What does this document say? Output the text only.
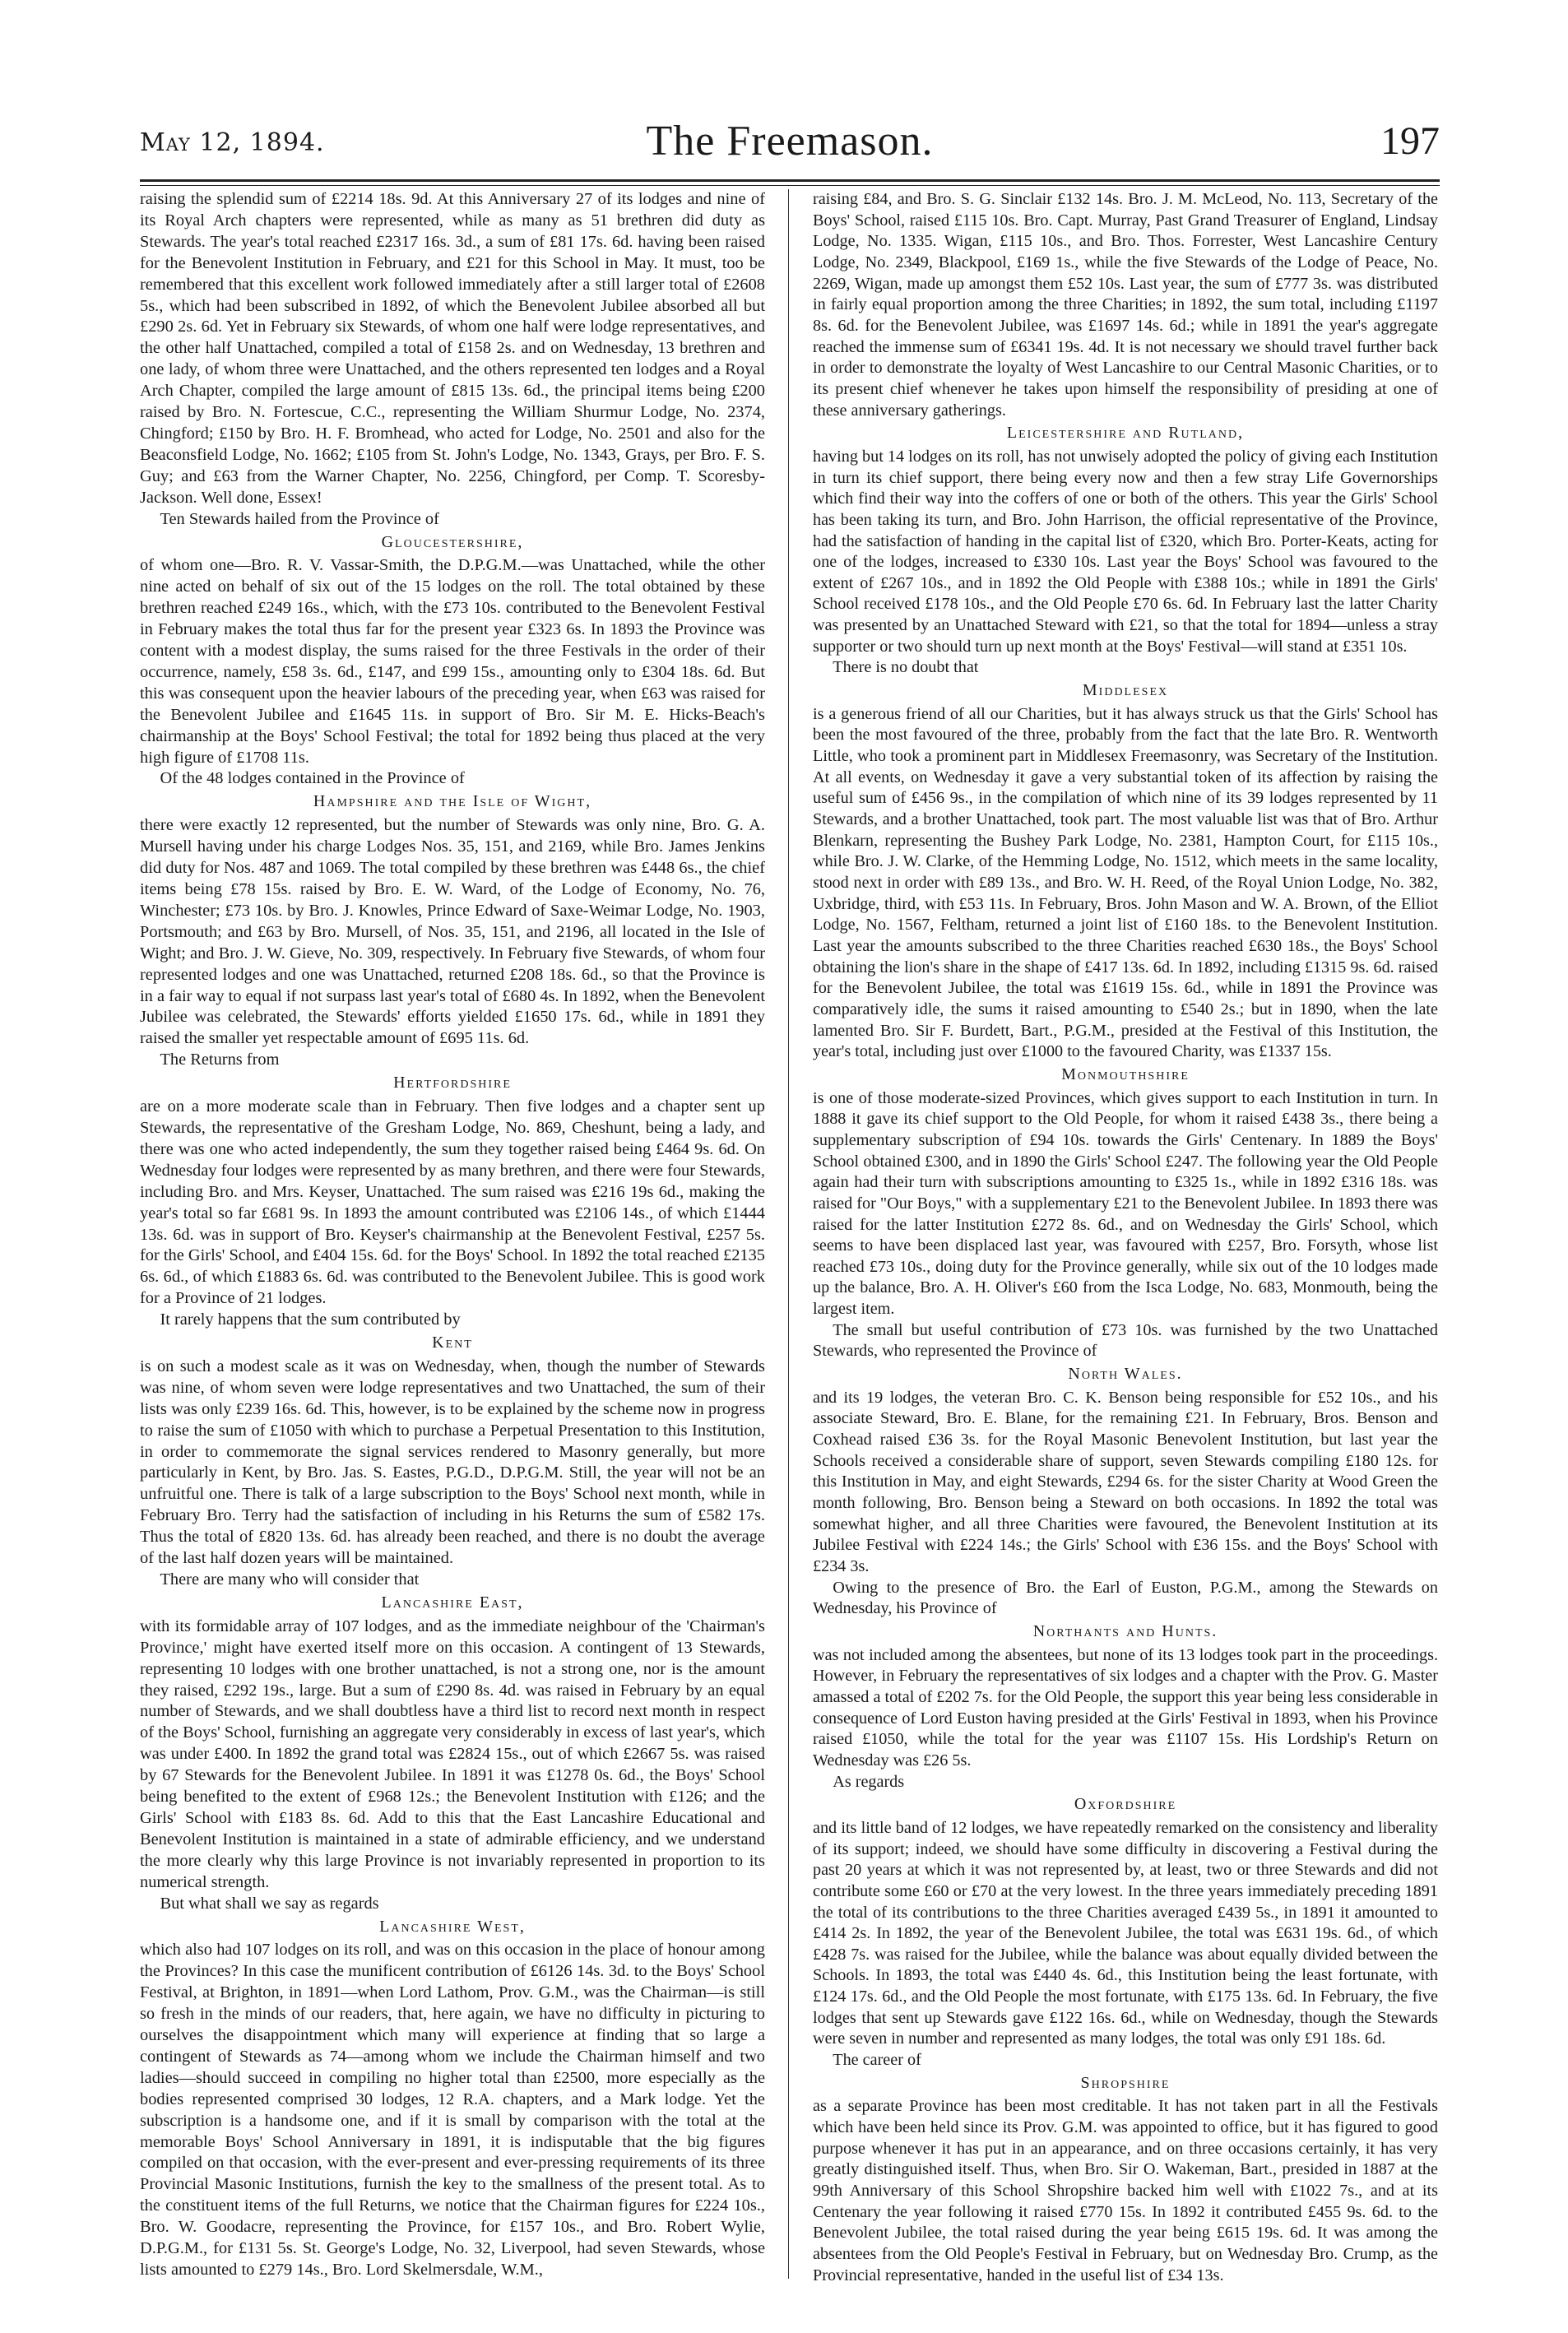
May 12, 1894.	The Freemason.	197

raising the splendid sum of £2214 18s. 9d. At this Anniversary 27 of its lodges and nine of its Royal Arch chapters were represented, while as many as 51 brethren did duty as Stewards. The year's total reached £2317 16s. 3d., a sum of £81 17s. 6d. having been raised for the Benevolent Institution in February, and £21 for this School in May. It must, too be remembered that this excellent work followed immediately after a still larger total of £2608 5s., which had been subscribed in 1892, of which the Benevolent Jubilee absorbed all but £290 2s. 6d. Yet in February six Stewards, of whom one half were lodge representatives, and the other half Unattached, compiled a total of £158 2s. and on Wednesday, 13 brethren and one lady, of whom three were Unattached, and the others represented ten lodges and a Royal Arch Chapter, compiled the large amount of £815 13s. 6d., the principal items being £200 raised by Bro. N. Fortescue, C.C., representing the William Shurmur Lodge, No. 2374, Chingford; £150 by Bro. H. F. Bromhead, who acted for Lodge, No. 2501 and also for the Beaconsfield Lodge, No. 1662; £105 from St. John's Lodge, No. 1343, Grays, per Bro. F. S. Guy; and £63 from the Warner Chapter, No. 2256, Chingford, per Comp. T. Scoresby-Jackson. Well done, Essex!

Ten Stewards hailed from the Province of

Gloucestershire,

of whom one—Bro. R. V. Vassar-Smith, the D.P.G.M.—was Unattached, while the other nine acted on behalf of six out of the 15 lodges on the roll. The total obtained by these brethren reached £249 16s., which, with the £73 10s. contributed to the Benevolent Festival in February makes the total thus far for the present year £323 6s. In 1893 the Province was content with a modest display, the sums raised for the three Festivals in the order of their occurrence, namely, £58 3s. 6d., £147, and £99 15s., amounting only to £304 18s. 6d. But this was consequent upon the heavier labours of the preceding year, when £63 was raised for the Benevolent Jubilee and £1645 11s. in support of Bro. Sir M. E. Hicks-Beach's chairmanship at the Boys' School Festival; the total for 1892 being thus placed at the very high figure of £1708 11s.

Of the 48 lodges contained in the Province of

Hampshire and the Isle of Wight,

there were exactly 12 represented, but the number of Stewards was only nine, Bro. G. A. Mursell having under his charge Lodges Nos. 35, 151, and 2169, while Bro. James Jenkins did duty for Nos. 487 and 1069. The total compiled by these brethren was £448 6s., the chief items being £78 15s. raised by Bro. E. W. Ward, of the Lodge of Economy, No. 76, Winchester; £73 10s. by Bro. J. Knowles, Prince Edward of Saxe-Weimar Lodge, No. 1903, Portsmouth; and £63 by Bro. Mursell, of Nos. 35, 151, and 2196, all located in the Isle of Wight; and Bro. J. W. Gieve, No. 309, respectively. In February five Stewards, of whom four represented lodges and one was Unattached, returned £208 18s. 6d., so that the Province is in a fair way to equal if not surpass last year's total of £680 4s. In 1892, when the Benevolent Jubilee was celebrated, the Stewards' efforts yielded £1650 17s. 6d., while in 1891 they raised the smaller yet respectable amount of £695 11s. 6d.

The Returns from

Hertfordshire

are on a more moderate scale than in February. Then five lodges and a chapter sent up Stewards, the representative of the Gresham Lodge, No. 869, Cheshunt, being a lady, and there was one who acted independently, the sum they together raised being £464 9s. 6d. On Wednesday four lodges were represented by as many brethren, and there were four Stewards, including Bro. and Mrs. Keyser, Unattached. The sum raised was £216 19s 6d., making the year's total so far £681 9s. In 1893 the amount contributed was £2106 14s., of which £1444 13s. 6d. was in support of Bro. Keyser's chairmanship at the Benevolent Festival, £257 5s. for the Girls' School, and £404 15s. 6d. for the Boys' School. In 1892 the total reached £2135 6s. 6d., of which £1883 6s. 6d. was contributed to the Benevolent Jubilee. This is good work for a Province of 21 lodges.

It rarely happens that the sum contributed by

Kent

is on such a modest scale as it was on Wednesday, when, though the number of Stewards was nine, of whom seven were lodge representatives and two Unattached, the sum of their lists was only £239 16s. 6d. This, however, is to be explained by the scheme now in progress to raise the sum of £1050 with which to purchase a Perpetual Presentation to this Institution, in order to commemorate the signal services rendered to Masonry generally, but more particularly in Kent, by Bro. Jas. S. Eastes, P.G.D., D.P.G.M. Still, the year will not be an unfruitful one. There is talk of a large subscription to the Boys' School next month, while in February Bro. Terry had the satisfaction of including in his Returns the sum of £582 17s. Thus the total of £820 13s. 6d. has already been reached, and there is no doubt the average of the last half dozen years will be maintained.

There are many who will consider that

Lancashire East,

with its formidable array of 107 lodges, and as the immediate neighbour of the 'Chairman's Province,' might have exerted itself more on this occasion. A contingent of 13 Stewards, representing 10 lodges with one brother unattached, is not a strong one, nor is the amount they raised, £292 19s., large. But a sum of £290 8s. 4d. was raised in February by an equal number of Stewards, and we shall doubtless have a third list to record next month in respect of the Boys' School, furnishing an aggregate very considerably in excess of last year's, which was under £400. In 1892 the grand total was £2824 15s., out of which £2667 5s. was raised by 67 Stewards for the Benevolent Jubilee. In 1891 it was £1278 0s. 6d., the Boys' School being benefited to the extent of £968 12s.; the Benevolent Institution with £126; and the Girls' School with £183 8s. 6d. Add to this that the East Lancashire Educational and Benevolent Institution is maintained in a state of admirable efficiency, and we understand the more clearly why this large Province is not invariably represented in proportion to its numerical strength.

But what shall we say as regards

Lancashire West,

which also had 107 lodges on its roll, and was on this occasion in the place of honour among the Provinces? In this case the munificent contribution of £6126 14s. 3d. to the Boys' School Festival, at Brighton, in 1891—when Lord Lathom, Prov. G.M., was the Chairman—is still so fresh in the minds of our readers, that, here again, we have no difficulty in picturing to ourselves the disappointment which many will experience at finding that so large a contingent of Stewards as 74—among whom we include the Chairman himself and two ladies—should succeed in compiling no higher total than £2500, more especially as the bodies represented comprised 30 lodges, 12 R.A. chapters, and a Mark lodge. Yet the subscription is a handsome one, and if it is small by comparison with the total at the memorable Boys' School Anniversary in 1891, it is indisputable that the big figures compiled on that occasion, with the ever-present and ever-pressing requirements of its three Provincial Masonic Institutions, furnish the key to the smallness of the present total. As to the constituent items of the full Returns, we notice that the Chairman figures for £224 10s., Bro. W. Goodacre, representing the Province, for £157 10s., and Bro. Robert Wylie, D.P.G.M., for £131 5s. St. George's Lodge, No. 32, Liverpool, had seven Stewards, whose lists amounted to £279 14s., Bro. Lord Skelmersdale, W.M.,

raising £84, and Bro. S. G. Sinclair £132 14s. Bro. J. M. McLeod, No. 113, Secretary of the Boys' School, raised £115 10s. Bro. Capt. Murray, Past Grand Treasurer of England, Lindsay Lodge, No. 1335. Wigan, £115 10s., and Bro. Thos. Forrester, West Lancashire Century Lodge, No. 2349, Blackpool, £169 1s., while the five Stewards of the Lodge of Peace, No. 2269, Wigan, made up amongst them £52 10s. Last year, the sum of £777 3s. was distributed in fairly equal proportion among the three Charities; in 1892, the sum total, including £1197 8s. 6d. for the Benevolent Jubilee, was £1697 14s. 6d.; while in 1891 the year's aggregate reached the immense sum of £6341 19s. 4d. It is not necessary we should travel further back in order to demonstrate the loyalty of West Lancashire to our Central Masonic Charities, or to its present chief whenever he takes upon himself the responsibility of presiding at one of these anniversary gatherings.

Leicestershire and Rutland,

having but 14 lodges on its roll, has not unwisely adopted the policy of giving each Institution in turn its chief support, there being every now and then a few stray Life Governorships which find their way into the coffers of one or both of the others. This year the Girls' School has been taking its turn, and Bro. John Harrison, the official representative of the Province, had the satisfaction of handing in the capital list of £320, which Bro. Porter-Keats, acting for one of the lodges, increased to £330 10s. Last year the Boys' School was favoured to the extent of £267 10s., and in 1892 the Old People with £388 10s.; while in 1891 the Girls' School received £178 10s., and the Old People £70 6s. 6d. In February last the latter Charity was presented by an Unattached Steward with £21, so that the total for 1894—unless a stray supporter or two should turn up next month at the Boys' Festival—will stand at £351 10s.

There is no doubt that

Middlesex

is a generous friend of all our Charities, but it has always struck us that the Girls' School has been the most favoured of the three, probably from the fact that the late Bro. R. Wentworth Little, who took a prominent part in Middlesex Freemasonry, was Secretary of the Institution. At all events, on Wednesday it gave a very substantial token of its affection by raising the useful sum of £456 9s., in the compilation of which nine of its 39 lodges represented by 11 Stewards, and a brother Unattached, took part. The most valuable list was that of Bro. Arthur Blenkarn, representing the Bushey Park Lodge, No. 2381, Hampton Court, for £115 10s., while Bro. J. W. Clarke, of the Hemming Lodge, No. 1512, which meets in the same locality, stood next in order with £89 13s., and Bro. W. H. Reed, of the Royal Union Lodge, No. 382, Uxbridge, third, with £53 11s. In February, Bros. John Mason and W. A. Brown, of the Elliot Lodge, No. 1567, Feltham, returned a joint list of £160 18s. to the Benevolent Institution. Last year the amounts subscribed to the three Charities reached £630 18s., the Boys' School obtaining the lion's share in the shape of £417 13s. 6d. In 1892, including £1315 9s. 6d. raised for the Benevolent Jubilee, the total was £1619 15s. 6d., while in 1891 the Province was comparatively idle, the sums it raised amounting to £540 2s.; but in 1890, when the late lamented Bro. Sir F. Burdett, Bart., P.G.M., presided at the Festival of this Institution, the year's total, including just over £1000 to the favoured Charity, was £1337 15s.

Monmouthshire

is one of those moderate-sized Provinces, which gives support to each Institution in turn. In 1888 it gave its chief support to the Old People, for whom it raised £438 3s., there being a supplementary subscription of £94 10s. towards the Girls' Centenary. In 1889 the Boys' School obtained £300, and in 1890 the Girls' School £247. The following year the Old People again had their turn with subscriptions amounting to £325 1s., while in 1892 £316 18s. was raised for "Our Boys," with a supplementary £21 to the Benevolent Jubilee. In 1893 there was raised for the latter Institution £272 8s. 6d., and on Wednesday the Girls' School, which seems to have been displaced last year, was favoured with £257, Bro. Forsyth, whose list reached £73 10s., doing duty for the Province generally, while six out of the 10 lodges made up the balance, Bro. A. H. Oliver's £60 from the Isca Lodge, No. 683, Monmouth, being the largest item.

The small but useful contribution of £73 10s. was furnished by the two Unattached Stewards, who represented the Province of

North Wales.

and its 19 lodges, the veteran Bro. C. K. Benson being responsible for £52 10s., and his associate Steward, Bro. E. Blane, for the remaining £21. In February, Bros. Benson and Coxhead raised £36 3s. for the Royal Masonic Benevolent Institution, but last year the Schools received a considerable share of support, seven Stewards compiling £180 12s. for this Institution in May, and eight Stewards, £294 6s. for the sister Charity at Wood Green the month following, Bro. Benson being a Steward on both occasions. In 1892 the total was somewhat higher, and all three Charities were favoured, the Benevolent Institution at its Jubilee Festival with £224 14s.; the Girls' School with £36 15s. and the Boys' School with £234 3s.

Owing to the presence of Bro. the Earl of Euston, P.G.M., among the Stewards on Wednesday, his Province of

Northants and Hunts.

was not included among the absentees, but none of its 13 lodges took part in the proceedings. However, in February the representatives of six lodges and a chapter with the Prov. G. Master amassed a total of £202 7s. for the Old People, the support this year being less considerable in consequence of Lord Euston having presided at the Girls' Festival in 1893, when his Province raised £1050, while the total for the year was £1107 15s. His Lordship's Return on Wednesday was £26 5s.

As regards

Oxfordshire

and its little band of 12 lodges, we have repeatedly remarked on the consistency and liberality of its support; indeed, we should have some difficulty in discovering a Festival during the past 20 years at which it was not represented by, at least, two or three Stewards and did not contribute some £60 or £70 at the very lowest. In the three years immediately preceding 1891 the total of its contributions to the three Charities averaged £439 5s., in 1891 it amounted to £414 2s. In 1892, the year of the Benevolent Jubilee, the total was £631 19s. 6d., of which £428 7s. was raised for the Jubilee, while the balance was about equally divided between the Schools. In 1893, the total was £440 4s. 6d., this Institution being the least fortunate, with £124 17s. 6d., and the Old People the most fortunate, with £175 13s. 6d. In February, the five lodges that sent up Stewards gave £122 16s. 6d., while on Wednesday, though the Stewards were seven in number and represented as many lodges, the total was only £91 18s. 6d.

The career of

Shropshire

as a separate Province has been most creditable. It has not taken part in all the Festivals which have been held since its Prov. G.M. was appointed to office, but it has figured to good purpose whenever it has put in an appearance, and on three occasions certainly, it has very greatly distinguished itself. Thus, when Bro. Sir O. Wakeman, Bart., presided in 1887 at the 99th Anniversary of this School Shropshire backed him well with £1022 7s., and at its Centenary the year following it raised £770 15s. In 1892 it contributed £455 9s. 6d. to the Benevolent Jubilee, the total raised during the year being £615 19s. 6d. It was among the absentees from the Old People's Festival in February, but on Wednesday Bro. Crump, as the Provincial representative, handed in the useful list of £34 13s.
